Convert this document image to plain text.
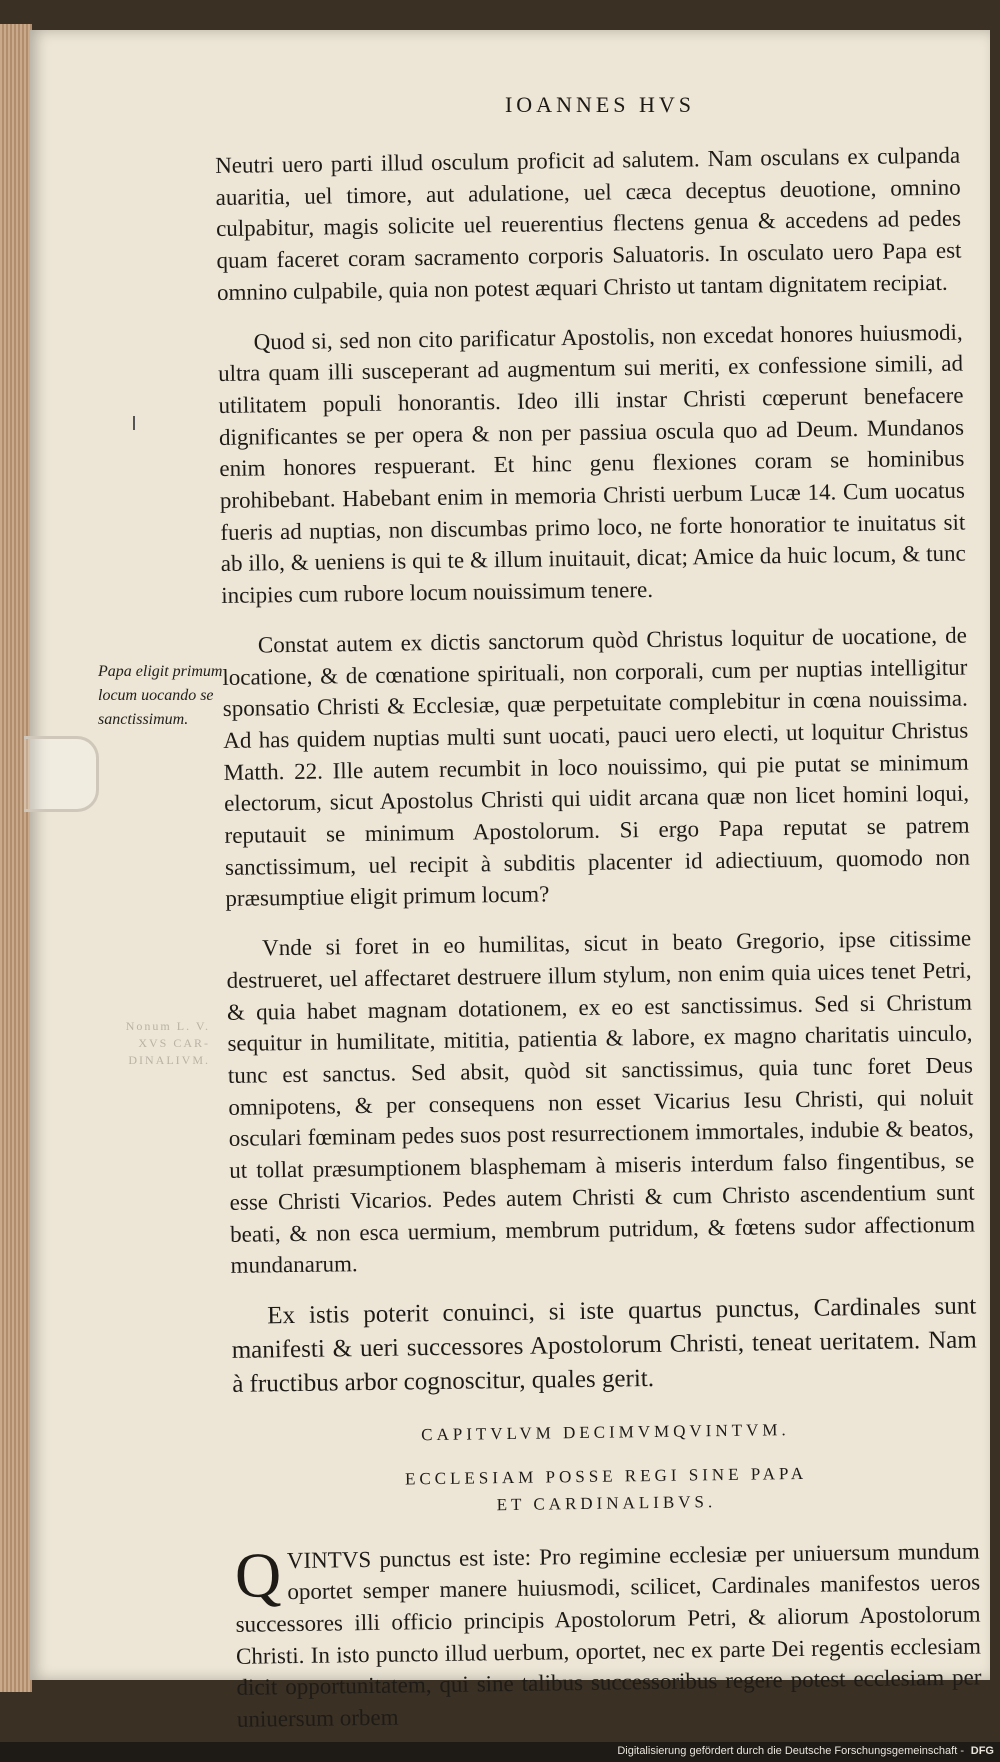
IOANNES HVS
Papa eligit primum locum uocando se sanctissimum.
Nonum L. V.
XVS CAR-
DINALIVM.

Neutri uero parti illud osculum proficit ad salutem. Nam osculans ex culpanda auaritia, uel timore, aut adulatione, uel cæca deceptus deuotione, omnino culpabitur, magis solicite uel reuerentius flectens genua & accedens ad pedes quam faceret coram sacramento corporis Saluatoris. In osculato uero Papa est omnino culpabile, quia non potest æquari Christo ut tantam dignitatem recipiat.

Quod si, sed non cito parificatur Apostolis, non excedat honores huiusmodi, ultra quam illi susceperant ad augmentum sui meriti, ex confessione simili, ad utilitatem populi honorantis. Ideo illi instar Christi cœperunt benefacere dignificantes se per opera & non per passiua oscula quo ad Deum. Mundanos enim honores respuerant. Et hinc genu flexiones coram se hominibus prohibebant. Habebant enim in memoria Christi uerbum Lucæ 14. Cum uocatus fueris ad nuptias, non discumbas primo loco, ne forte honoratior te inuitatus sit ab illo, & ueniens is qui te & illum inuitauit, dicat; Amice da huic locum, & tunc incipies cum rubore locum nouissimum tenere.

Constat autem ex dictis sanctorum quòd Christus loquitur de uocatione, de locatione, & de cœnatione spirituali, non corporali, cum per nuptias intelligitur sponsatio Christi & Ecclesiæ, quæ perpetuitate complebitur in cœna nouissima. Ad has quidem nuptias multi sunt uocati, pauci uero electi, ut loquitur Christus Matth. 22. Ille autem recumbit in loco nouissimo, qui pie putat se minimum electorum, sicut Apostolus Christi qui uidit arcana quæ non licet homini loqui, reputauit se minimum Apostolorum. Si ergo Papa reputat se patrem sanctissimum, uel recipit à subditis placenter id adiectiuum, quomodo non præsumptiue eligit primum locum?

Vnde si foret in eo humilitas, sicut in beato Gregorio, ipse citissime destrueret, uel affectaret destruere illum stylum, non enim quia uices tenet Petri, & quia habet magnam dotationem, ex eo est sanctissimus. Sed si Christum sequitur in humilitate, mititia, patientia & labore, ex magno charitatis uinculo, tunc est sanctus. Sed absit, quòd sit sanctissimus, quia tunc foret Deus omnipotens, & per consequens non esset Vicarius Iesu Christi, qui noluit osculari fœminam pedes suos post resurrectionem immortales, indubie & beatos, ut tollat præsumptionem blasphemam à miseris interdum falso fingentibus, se esse Christi Vicarios. Pedes autem Christi & cum Christo ascendentium sunt beati, & non esca uermium, membrum putridum, & fœtens sudor affectionum mundanarum.

Ex istis poterit conuinci, si iste quartus punctus, Cardinales sunt manifesti & ueri successores Apostolorum Christi, teneat ueritatem. Nam à fructibus arbor cognoscitur, quales gerit.

CAPITVLVM DECIMVMQVINTVM.
ECCLESIAM POSSE REGI SINE PAPA
ET CARDINALIBVS.

QVINTVS punctus est iste: Pro regimine ecclesiæ per uniuersum mundum oportet semper manere huiusmodi, scilicet, Cardinales manifestos ueros successores illi officio principis Apostolorum Petri, & aliorum Apostolorum Christi. In isto puncto illud uerbum, oportet, nec ex parte Dei regentis ecclesiam dicit opportunitatem, qui sine talibus successoribus regere potest ecclesiam per uniuersum orbem

Digitalisierung gefördert durch die Deutsche Forschungsgemeinschaft - DFG
